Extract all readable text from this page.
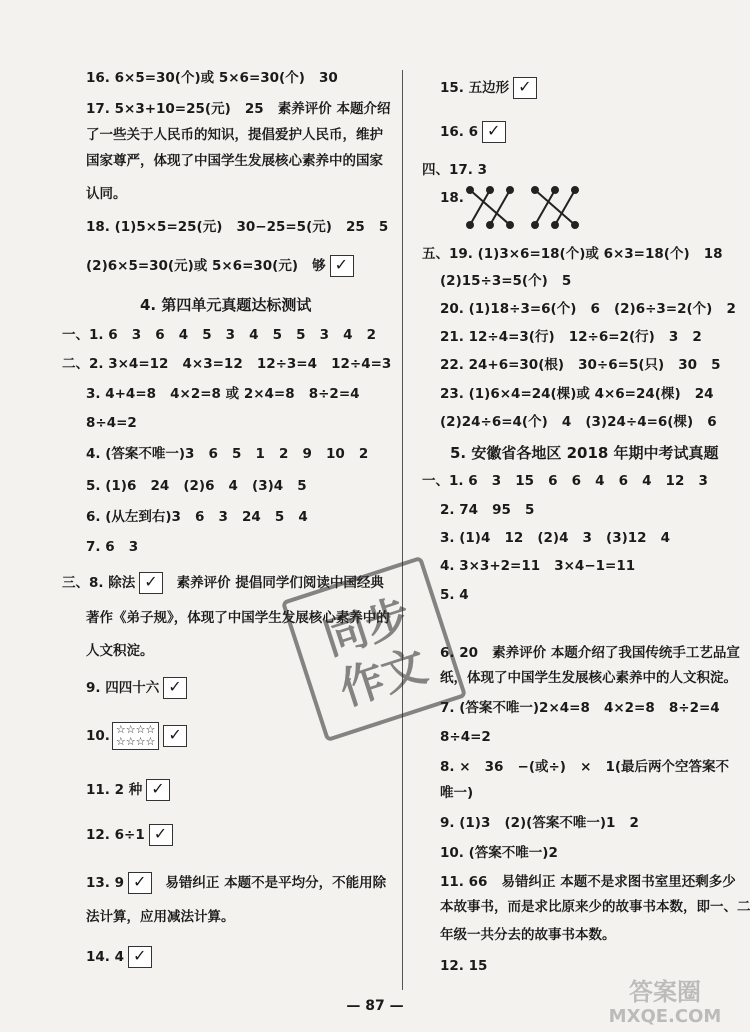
16. 6×5=30(个)或 5×6=30(个)   30
17. 5×3+10=25(元)   25 素养评价 本题介绍
了一些关于人民币的知识，提倡爱护人民币，维护
国家尊严，体现了中国学生发展核心素养中的国家
认同。
18. (1)5×5=25(元)   30−25=5(元)   25   5
(2)6×5=30(元)或 5×6=30(元)   够 ✓
4. 第四单元真题达标测试
一、1. 6   3   6   4   5   3   4   5   5   3   4   2
二、2. 3×4=12   4×3=12   12÷3=4   12÷4=3
3. 4+4=8   4×2=8 或 2×4=8   8÷2=4
8÷4=2
4. (答案不唯一)3   6   5   1   2   9   10   2
5. (1)6   24   (2)6   4   (3)4   5
6. (从左到右)3   6   3   24   5   4
7. 6   3
三、8. 除法 ✓	素养评价 提倡同学们阅读中国经典
著作《弟子规》，体现了中国学生发展核心素养中的
人文积淀。
9. 四四十六 ✓
10. ☆☆☆☆
☆☆☆☆
✓
11. 2 种 ✓
12. 6÷1 ✓
13. 9 ✓	易错纠正 本题不是平均分，不能用除
法计算，应用减法计算。
14. 4 ✓
15. 五边形 ✓
16. 6 ✓
四、17. 3
18.
五、19. (1)3×6=18(个)或 6×3=18(个)   18
(2)15÷3=5(个)   5
20. (1)18÷3=6(个)   6   (2)6÷3=2(个)   2
21. 12÷4=3(行)   12÷6=2(行)   3   2
22. 24+6=30(根)   30÷6=5(只)   30   5
23. (1)6×4=24(棵)或 4×6=24(棵)   24
(2)24÷6=4(个)   4   (3)24÷4=6(棵)   6
5. 安徽省各地区 2018 年期中考试真题
一、1. 6   3   15   6   6   4   6   4   12   3
2. 74   95   5
3. (1)4   12   (2)4   3   (3)12   4
4. 3×3+2=11   3×4−1=11
5. 4
6. 20 素养评价 本题介绍了我国传统手工艺品宣
纸，体现了中国学生发展核心素养中的人文积淀。
7. (答案不唯一)2×4=8   4×2=8   8÷2=4
8÷4=2
8. ×   36   −(或÷)   ×   1(最后两个空答案不
唯一)
9. (1)3   (2)(答案不唯一)1   2
10. (答案不唯一)2
11. 66 易错纠正 本题不是求图书室里还剩多少
本故事书，而是求比原来少的故事书本数，即一、二
年级一共分去的故事书本数。
12. 15
同步
作文
— 87 —	答案圈
MXQE.COM
